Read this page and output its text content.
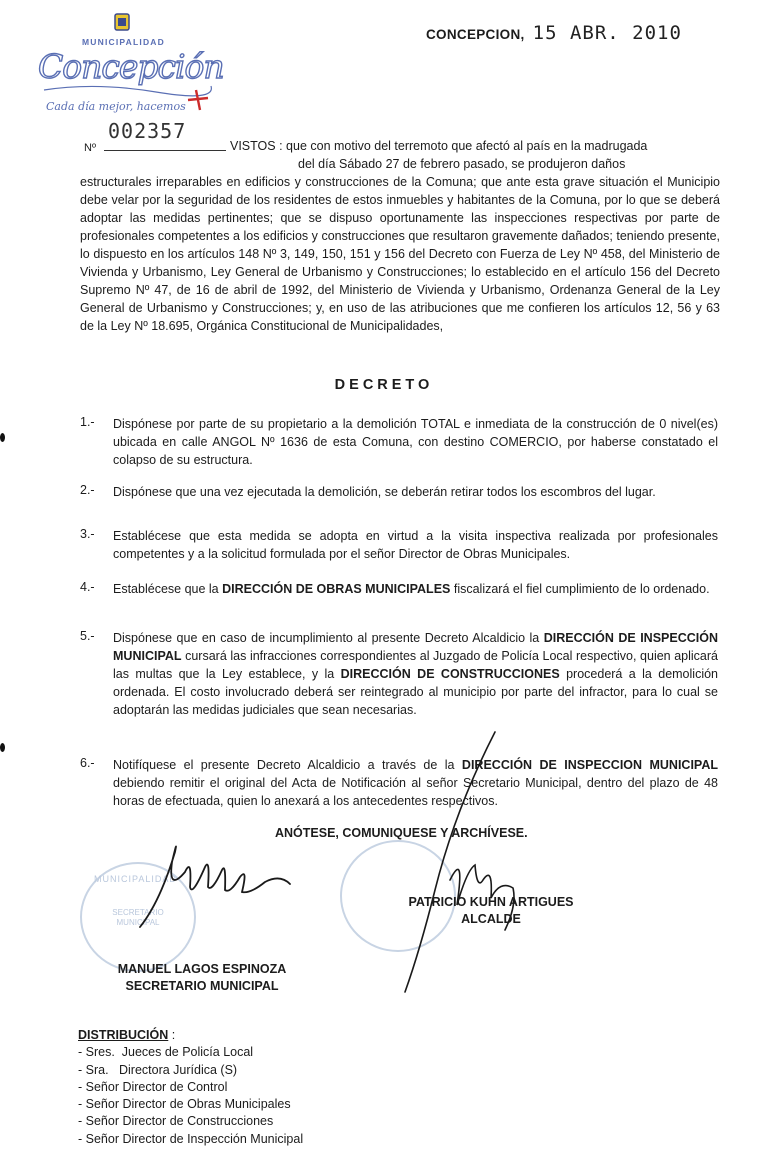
MUNICIPALIDAD
Concepción
Cada día mejor, hacemos
CONCEPCION, 15 ABR. 2010
Nº
002357
VISTOS : que con motivo del terremoto que afectó al país en la madrugada
del día Sábado 27 de febrero pasado, se produjeron daños
estructurales irreparables en edificios y construcciones de la Comuna; que ante esta grave situación el Municipio debe velar por la seguridad de los residentes de estos inmuebles y habitantes de la Comuna, por lo que se deberá adoptar las medidas pertinentes; que se dispuso oportunamente las inspecciones respectivas por parte de profesionales competentes a los edificios y construcciones que resultaron gravemente dañados; teniendo presente, lo dispuesto en los artículos 148 Nº 3, 149, 150, 151 y 156 del Decreto con Fuerza de Ley Nº 458, del Ministerio de Vivienda y Urbanismo, Ley General de Urbanismo y Construcciones; lo establecido en el artículo 156 del Decreto Supremo Nº 47, de 16 de abril de 1992, del Ministerio de Vivienda y Urbanismo, Ordenanza General de la Ley General de Urbanismo y Construcciones; y, en uso de las atribuciones que me confieren los artículos 12, 56 y 63 de la Ley Nº 18.695, Orgánica Constitucional de Municipalidades,
DECRETO
1.- Dispónese por parte de su propietario a la demolición TOTAL e inmediata de la construcción de 0 nivel(es) ubicada en calle ANGOL Nº 1636 de esta Comuna, con destino COMERCIO, por haberse constatado el colapso de su estructura.
2.- Dispónese que una vez ejecutada la demolición, se deberán retirar todos los escombros del lugar.
3.- Establécese que esta medida se adopta en virtud a la visita inspectiva realizada por profesionales competentes y a la solicitud formulada por el señor Director de Obras Municipales.
4.- Establécese que la DIRECCIÓN DE OBRAS MUNICIPALES fiscalizará el fiel cumplimiento de lo ordenado.
5.- Dispónese que en caso de incumplimiento al presente Decreto Alcaldicio la DIRECCIÓN DE INSPECCIÓN MUNICIPAL cursará las infracciones correspondientes al Juzgado de Policía Local respectivo, quien aplicará las multas que la Ley establece, y la DIRECCIÓN DE CONSTRUCCIONES procederá a la demolición ordenada. El costo involucrado deberá ser reintegrado al municipio por parte del infractor, para lo cual se adoptarán las medidas judiciales que sean necesarias.
6.- Notifíquese el presente Decreto Alcaldicio a través de la DIRECCIÓN DE INSPECCION MUNICIPAL debiendo remitir el original del Acta de Notificación al señor Secretario Municipal, dentro del plazo de 48 horas de efectuada, quien lo anexará a los antecedentes respectivos.
ANÓTESE, COMUNIQUESE Y ARCHÍVESE.
MUNICIPALIDAD
SECRETARIO MUNICIPAL
PATRICIO KUHN ARTIGUES
ALCALDE
MANUEL LAGOS ESPINOZA
SECRETARIO MUNICIPAL
DISTRIBUCIÓN :
- Sres.  Jueces de Policía Local
- Sra.   Directora Jurídica (S)
- Señor Director de Control
- Señor Director de Obras Municipales
- Señor Director de Construcciones
- Señor Director de Inspección Municipal
